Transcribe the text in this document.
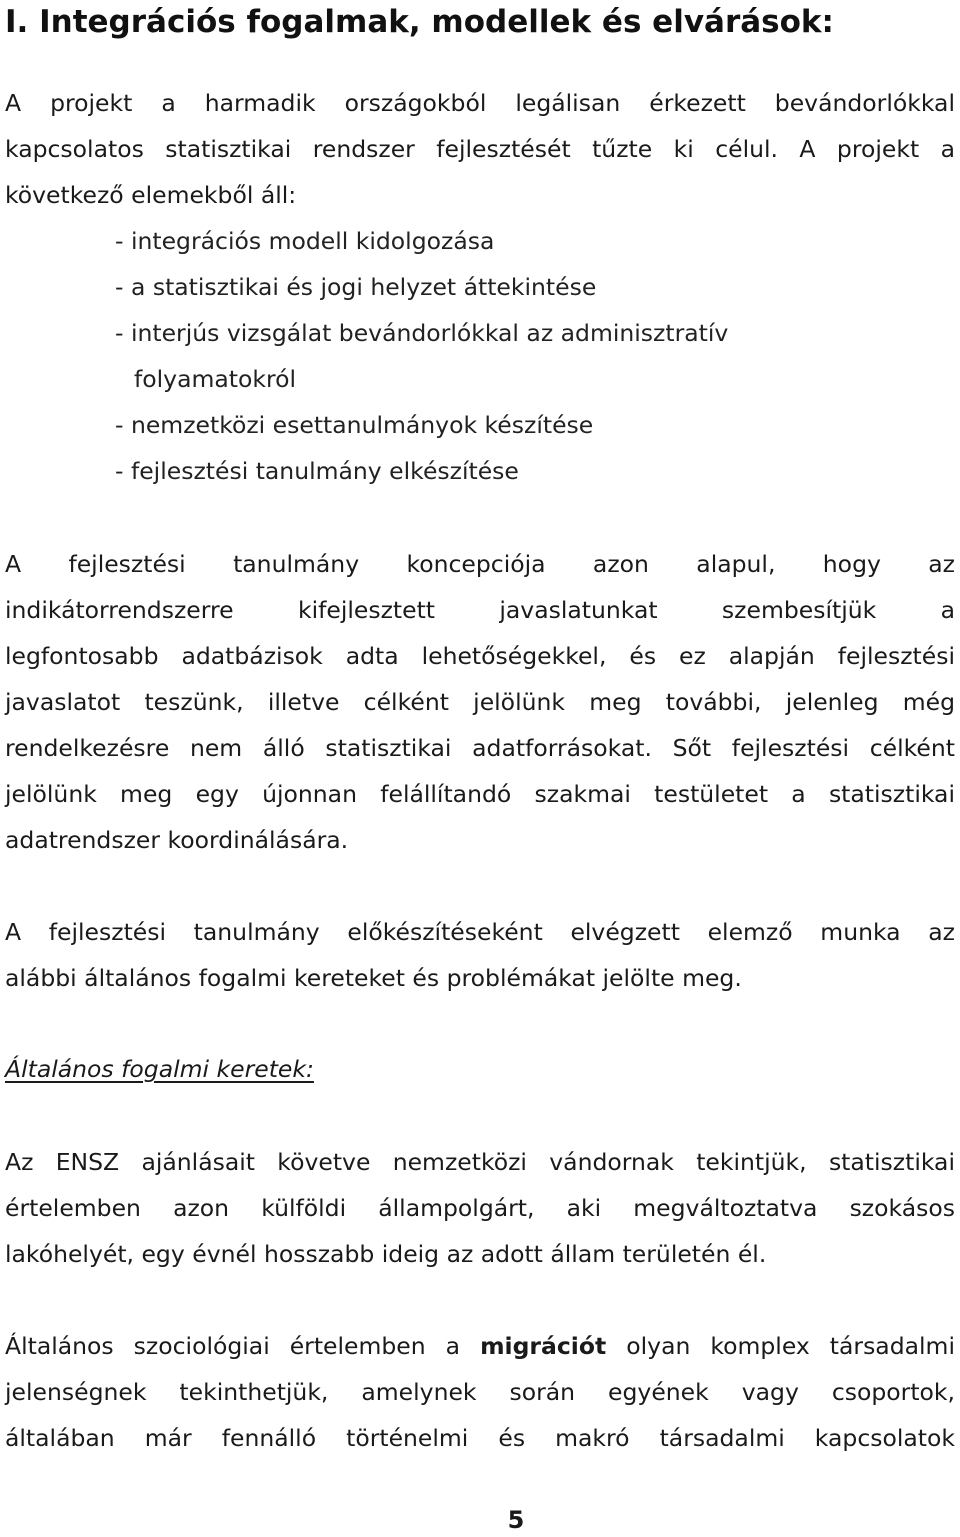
I. Integrációs fogalmak, modellek és elvárások:
A projekt a harmadik országokból legálisan érkezett bevándorlókkal
kapcsolatos statisztikai rendszer fejlesztését tűzte ki célul. A projekt a
következő elemekből áll:
- integrációs modell kidolgozása
- a statisztikai és jogi helyzet áttekintése
- interjús vizsgálat bevándorlókkal az adminisztratív
folyamatokról
- nemzetközi esettanulmányok készítése
- fejlesztési tanulmány elkészítése
A fejlesztési tanulmány koncepciója azon alapul, hogy az
indikátorrendszerre kifejlesztett javaslatunkat szembesítjük a
legfontosabb adatbázisok adta lehetőségekkel, és ez alapján fejlesztési
javaslatot teszünk, illetve célként jelölünk meg további, jelenleg még
rendelkezésre nem álló statisztikai adatforrásokat. Sőt fejlesztési célként
jelölünk meg egy újonnan felállítandó szakmai testületet a statisztikai
adatrendszer koordinálására.
A fejlesztési tanulmány előkészítéseként elvégzett elemző munka az
alábbi általános fogalmi kereteket és problémákat jelölte meg.

Általános fogalmi keretek:

Az ENSZ ajánlásait követve nemzetközi vándornak tekintjük, statisztikai
értelemben azon külföldi állampolgárt, aki megváltoztatva szokásos
lakóhelyét, egy évnél hosszabb ideig az adott állam területén él.
Általános szociológiai értelemben a migrációt olyan komplex társadalmi
jelenségnek tekinthetjük, amelynek során egyének vagy csoportok,
általában már fennálló történelmi és makró társadalmi kapcsolatok
5
